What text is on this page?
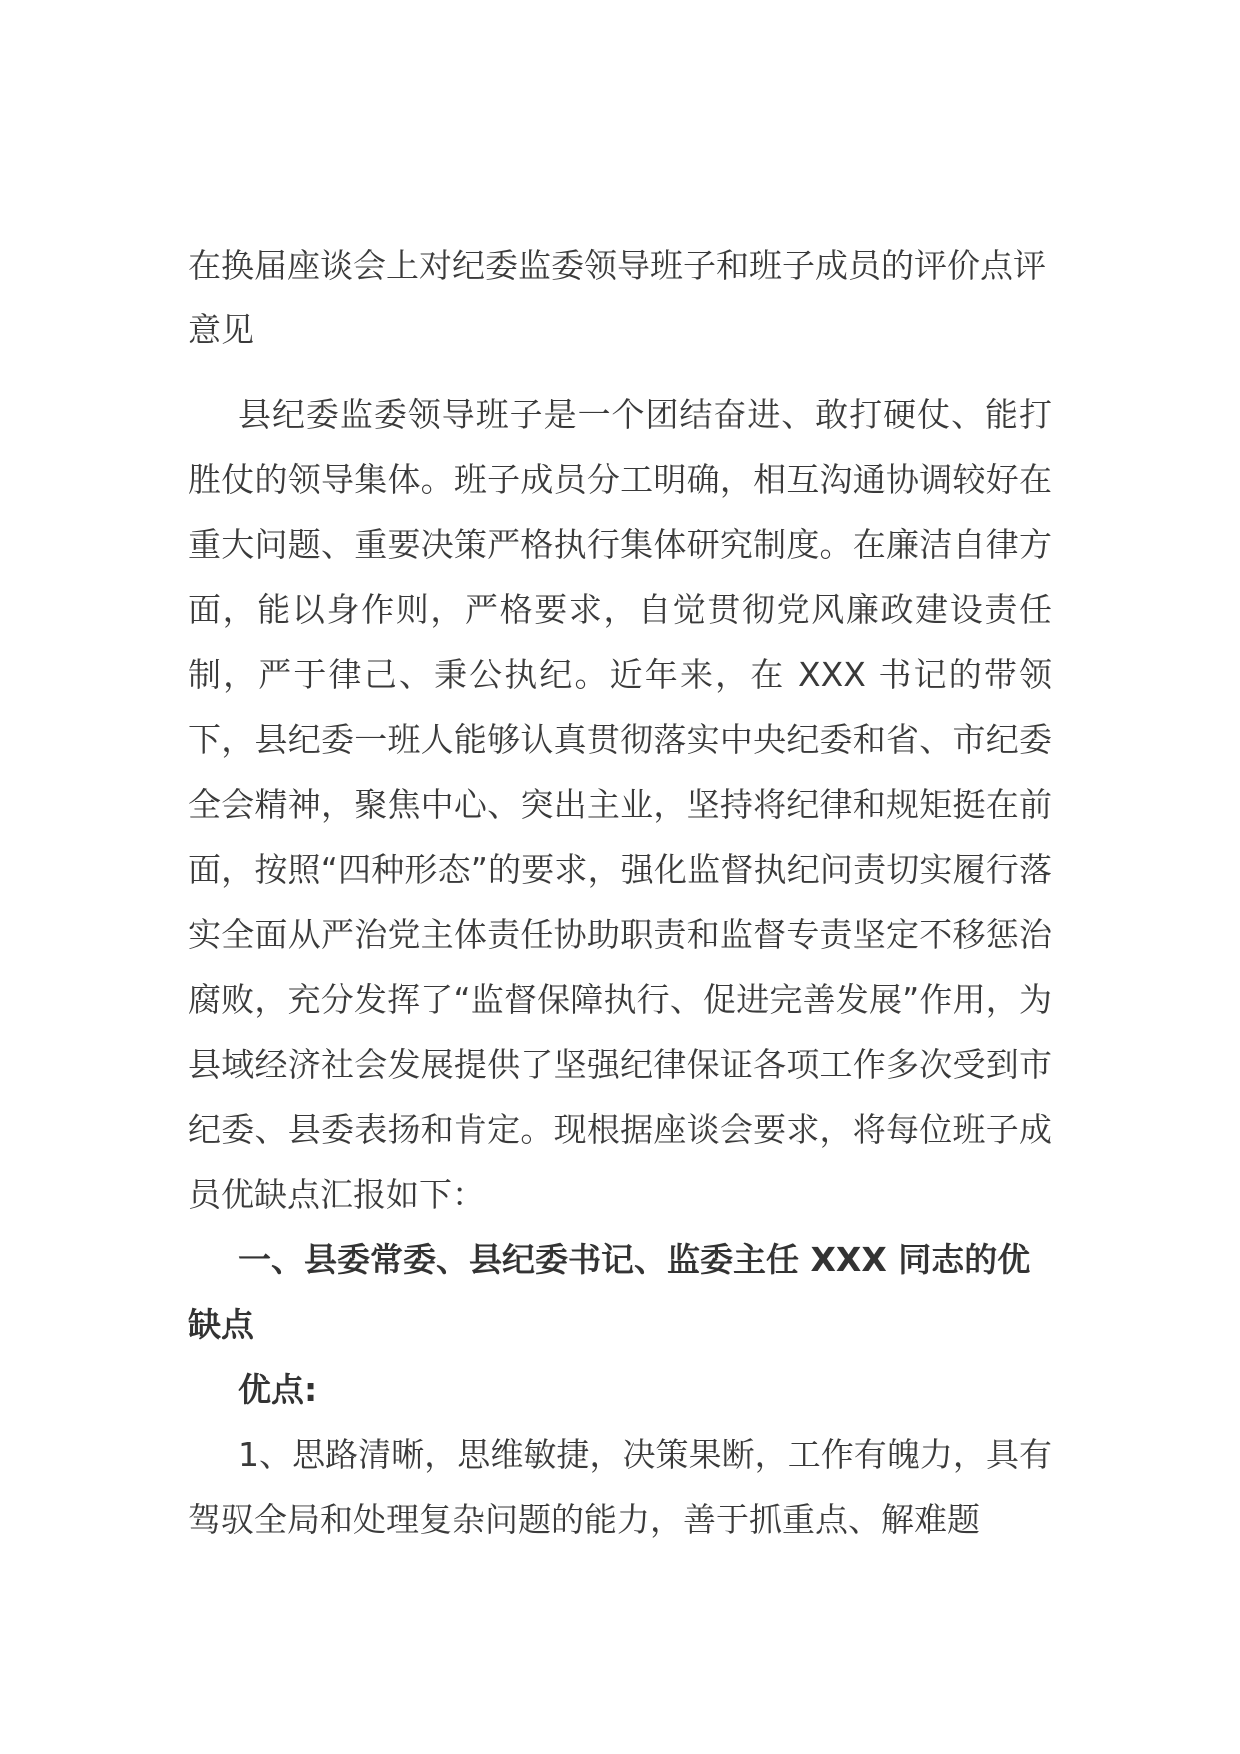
在换届座谈会上对纪委监委领导班子和班子成员的评价点评意见

县纪委监委领导班子是一个团结奋进、敢打硬仗、能打胜仗的领导集体。班子成员分工明确，相互沟通协调较好在重大问题、重要决策严格执行集体研究制度。在廉洁自律方面，能以身作则，严格要求，自觉贯彻党风廉政建设责任制，严于律己、秉公执纪。近年来，在 XXX 书记的带领下，县纪委一班人能够认真贯彻落实中央纪委和省、市纪委全会精神，聚焦中心、突出主业，坚持将纪律和规矩挺在前面，按照“四种形态”的要求，强化监督执纪问责切实履行落实全面从严治党主体责任协助职责和监督专责坚定不移惩治腐败，充分发挥了“监督保障执行、促进完善发展”作用，为县域经济社会发展提供了坚强纪律保证各项工作多次受到市纪委、县委表扬和肯定。现根据座谈会要求，将每位班子成员优缺点汇报如下：

一、县委常委、县纪委书记、监委主任 XXX 同志的优缺点

优点:

1、思路清晰，思维敏捷，决策果断，工作有魄力，具有驾驭全局和处理复杂问题的能力，善于抓重点、解难题
